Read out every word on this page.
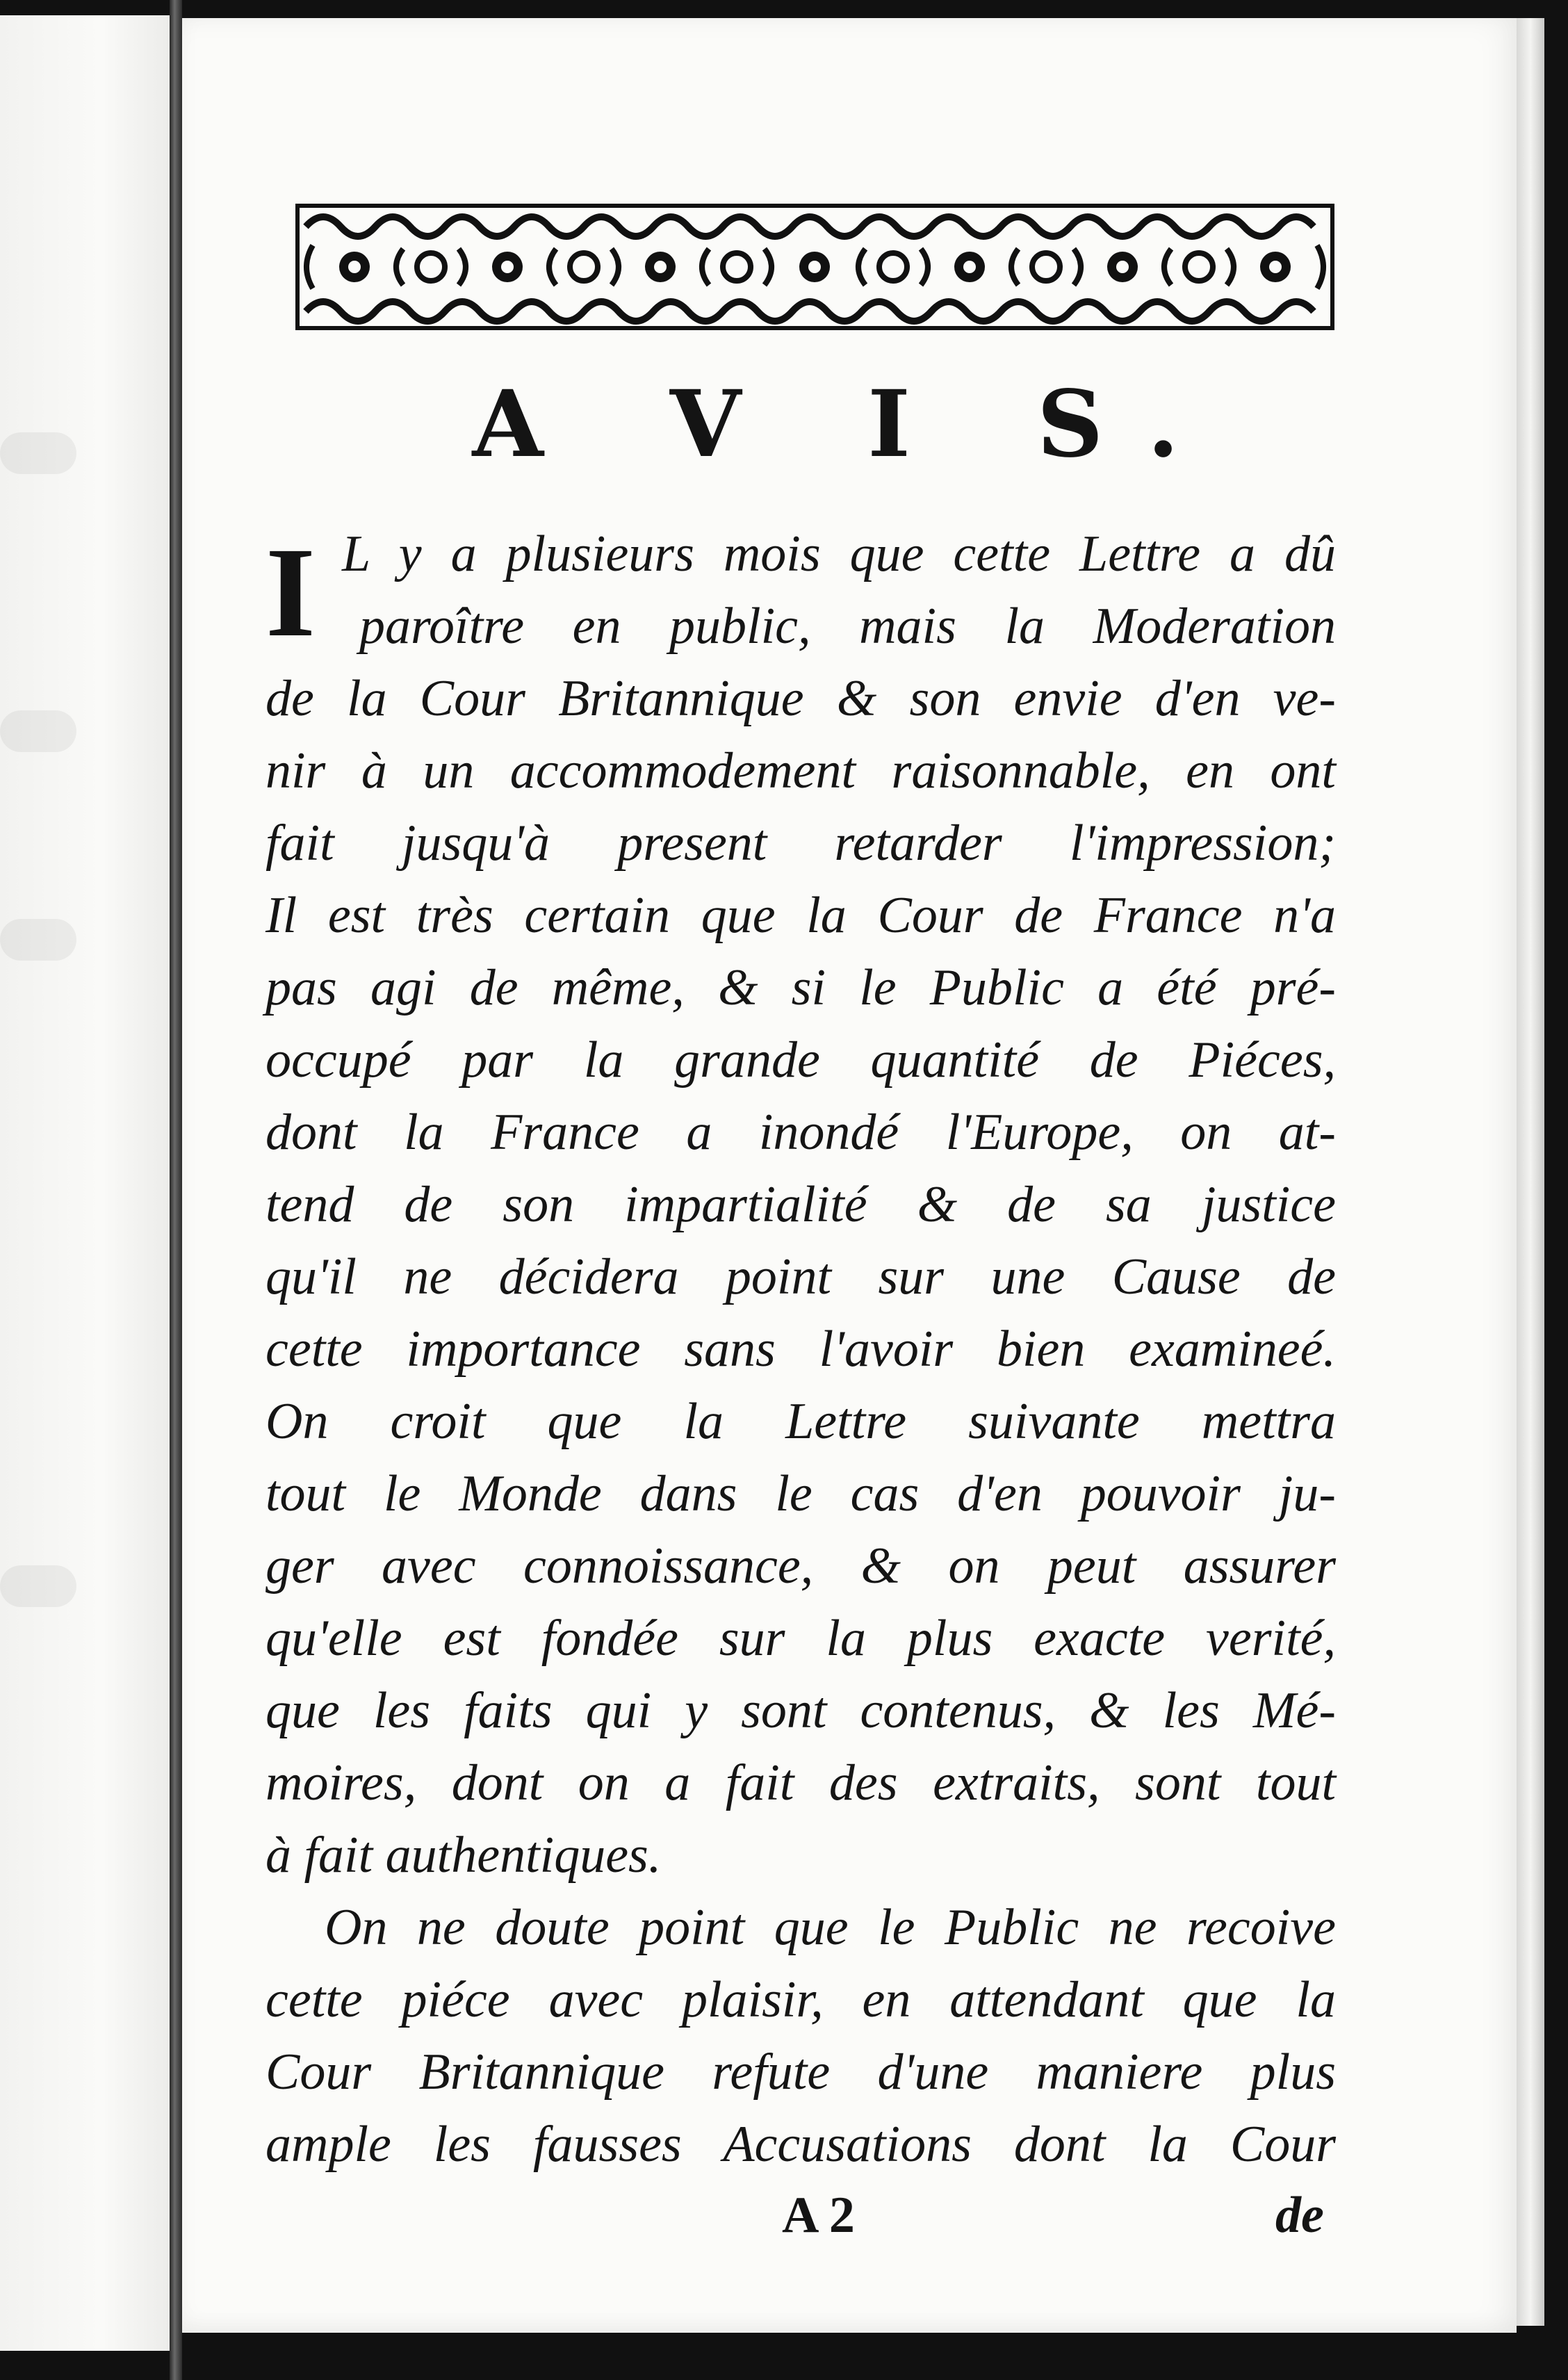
A V I S.
I L y a plusieurs mois que cette Lettre a dû
paroître en public, mais la Moderation
de la Cour Britannique & son envie d'en ve-
nir à un accommodement raisonnable, en ont
fait jusqu'à present retarder l'impression;
Il est très certain que la Cour de France n'a
pas agi de même, & si le Public a été pré-
occupé par la grande quantité de Piéces,
dont la France a inondé l'Europe, on at-
tend de son impartialité & de sa justice
qu'il ne décidera point sur une Cause de
cette importance sans l'avoir bien examineé.
On croit que la Lettre suivante mettra
tout le Monde dans le cas d'en pouvoir ju-
ger avec connoissance, & on peut assurer
qu'elle est fondée sur la plus exacte verité,
que les faits qui y sont contenus, & les Mé-
moires, dont on a fait des extraits, sont tout
à fait authentiques.
On ne doute point que le Public ne recoive
cette piéce avec plaisir, en attendant que la
Cour Britannique refute d'une maniere plus
ample les fausses Accusations dont la Cour
A 2	de
